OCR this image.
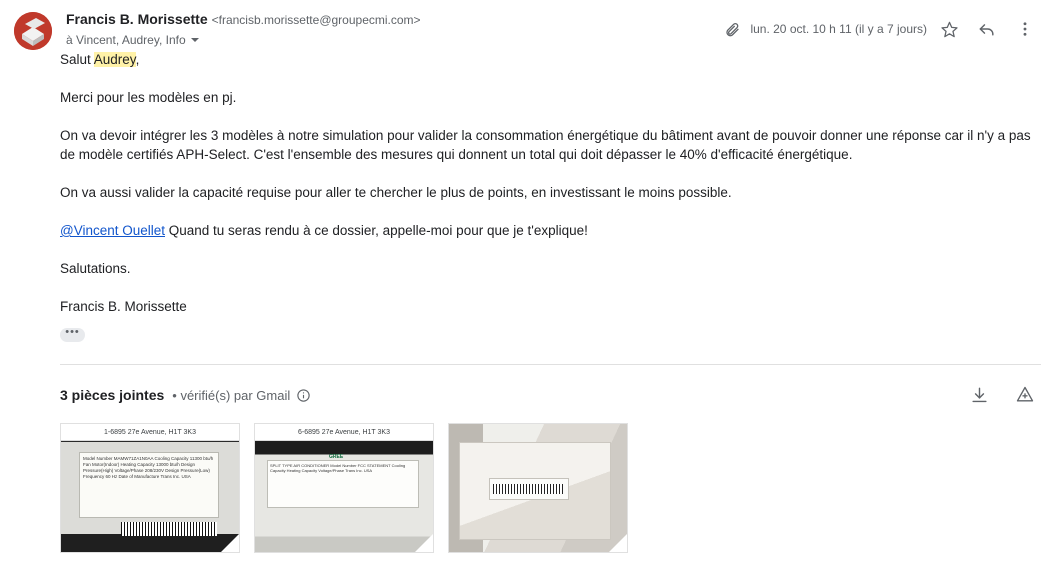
Francis B. Morissette <francisb.morissette@groupecmi.com>
à Vincent, Audrey, Info
lun. 20 oct. 10 h 11 (il y a 7 jours)

Salut Audrey,

Merci pour les modèles en pj.

On va devoir intégrer les 3 modèles à notre simulation pour valider la consommation énergétique du bâtiment avant de pouvoir donner une réponse car il n'y a pas de modèle certifiés APH-Select. C'est l'ensemble des mesures qui donnent un total qui doit dépasser le 40% d'efficacité énergétique.

On va aussi valider la capacité requise pour aller te chercher le plus de points, en investissant le moins possible.

@Vincent Ouellet Quand tu seras rendu à ce dossier, appelle-moi pour que je t'explique!

Salutations.

Francis B. Morissette

•••
3 pièces jointes • vérifié(s) par Gmail
Model Number MAMW71ZA1N0AA Cooling Capacity 11300 btu/h Fan Motor(Indoor) Heating Capacity 13000 btu/h Design Pressure(High) Voltage/Phase 208/230V Design Pressure(Low) Frequency 60 Hz Date of Manufacture Trans Inc. USA
1-6895 27e Avenue, H1T 3K3
GREE
SPLIT TYPE AIR CONDITIONER Model Number FCC STATEMENT Cooling Capacity Heating Capacity Voltage/Phase Trans Inc. USA
6-6895 27e Avenue, H1T 3K3
